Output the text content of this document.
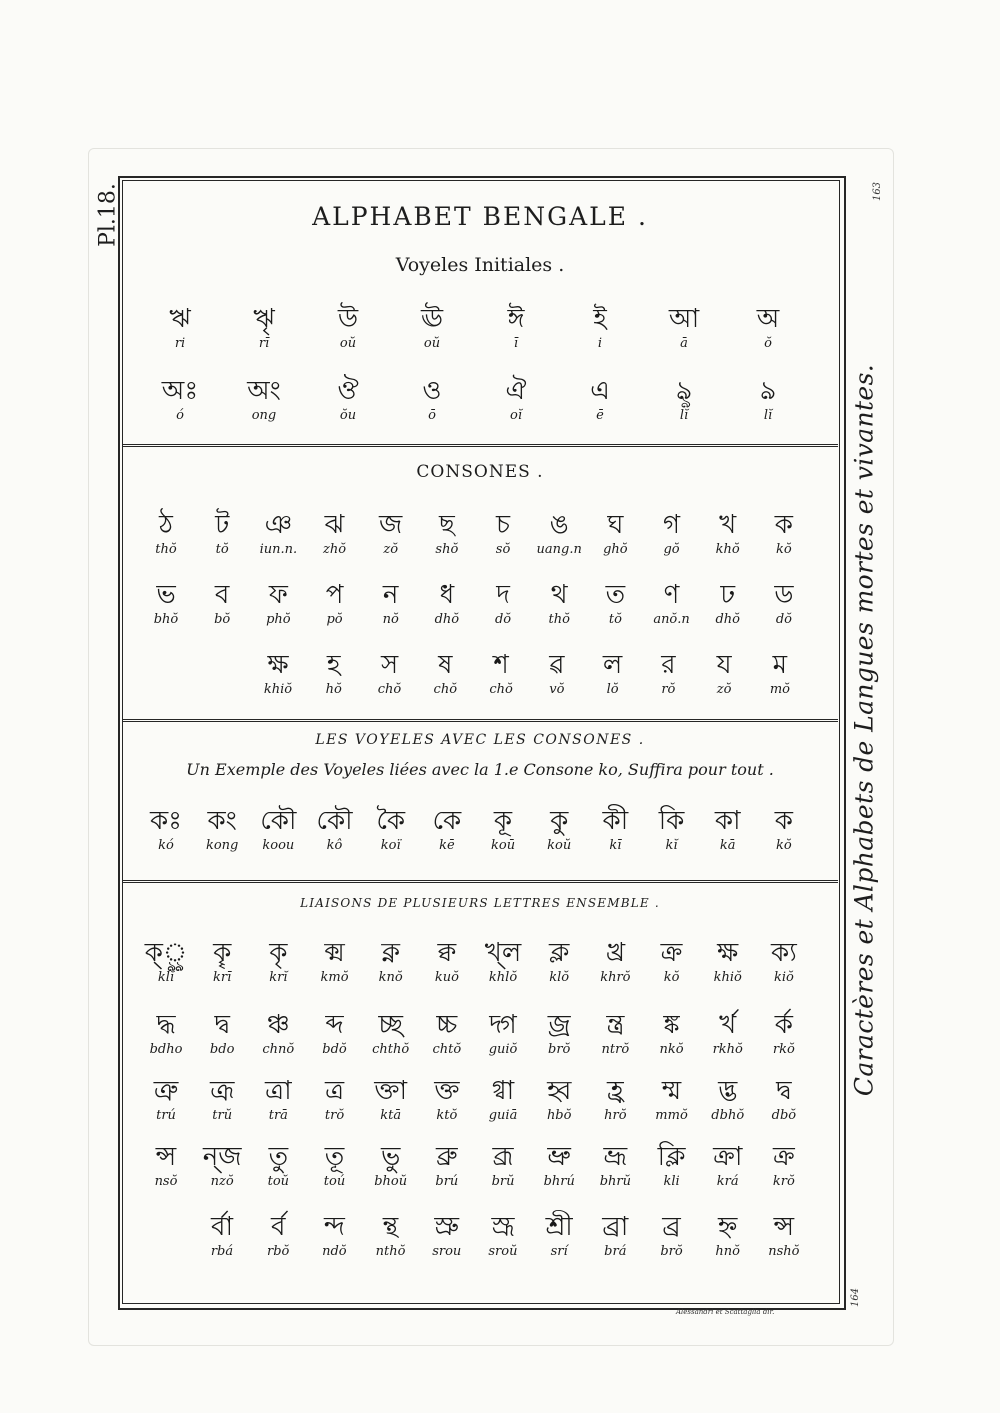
Pl.18.	163
164
Caractères et Alphabets de Langues mortes et vivantes.
Alessandri et Scattaglia dir.
ALPHABET BENGALE .
Voyeles Initiales .
CONSONES .
LES VOYELES AVEC LES CONSONES .
Un Exemple des Voyeles liées avec la 1.e Consone ko, Suffira pour tout .
LIAISONS DE PLUSIEURS LETTRES ENSEMBLE .
ঋ
ri
ৠ
rī
উ
oŭ
ঊ
oŭ
ঈ
ī
ই
i
আ
ā
অ
ŏ
অঃ
ó
অং
ong
ঔ
ŏu
ও
ō
ঐ
oĭ
এ
ē
ৡ
lĭ
ঌ
lĭ
ঠ
thŏ
ট
tŏ
ঞ
iun.n.
ঝ
zhŏ
জ
zŏ
ছ
shŏ
চ
sŏ
ঙ
uang.n
ঘ
ghŏ
গ
gŏ
খ
khŏ
ক
kŏ
ভ
bhŏ
ব
bŏ
ফ
phŏ
প
pŏ
ন
nŏ
ধ
dhŏ
দ
dŏ
থ
thŏ
ত
tŏ
ণ
anŏ.n
ঢ
dhŏ
ড
dŏ
ক্ষ
khiŏ
হ
hŏ
স
chŏ
ষ
chŏ
শ
chŏ
ৱ
vŏ
ল
lŏ
র
rŏ
য
zŏ
ম
mŏ
কঃ
kó
কং
kong
কৌ
koou
কৌ
kô
কৈ
koï
কে
kē
কূ
koū
কু
koŭ
কী
kī
কি
kĭ
কা
kā
ক
kŏ
ক্ৣ
klĭ
কৄ
krī
কৃ
krĭ
ক্ম
kmŏ
ক্ন
knŏ
ক্ব
kuŏ
খ্ল
khlŏ
ক্ল
klŏ
খ্র
khrŏ
ক্র
kŏ
ক্ষ
khiŏ
ক্য
kiŏ
দ্ধ
bdho
দ্ব
bdo
ঞ্চ
chnŏ
ব্দ
bdŏ
চ্ছ
chthŏ
চ্চ
chtŏ
দ্গ
guiŏ
জ্র
brŏ
ন্ত্র
ntrŏ
ঙ্ক
nkŏ
র্খ
rkhŏ
র্ক
rkŏ
ত্রু
trú
ত্রূ
trŭ
ত্রা
trā
ত্র
trŏ
ক্তা
ktā
ক্ত
ktŏ
গ্বা
guiā
হ্ব
hbŏ
হ্র
hrŏ
ম্ম
mmŏ
দ্ভ
dbhŏ
দ্ব
dbŏ
ন্স
nsŏ
ন্জ
nzŏ
তু
toŭ
তূ
toú
ভু
bhoŭ
ব্রু
brú
ব্রূ
brŭ
ভ্রু
bhrú
ভ্রূ
bhrŭ
ক্লি
kli
ক্রা
krá
ক্র
krŏ
র্বা
rbá
র্ব
rbŏ
ন্দ
ndŏ
ন্থ
nthŏ
স্রু
srou
স্রূ
sroŭ
শ্রী
srí
ব্রা
brá
ব্র
brŏ
হ্ন
hnŏ
ন্স
nshŏ
